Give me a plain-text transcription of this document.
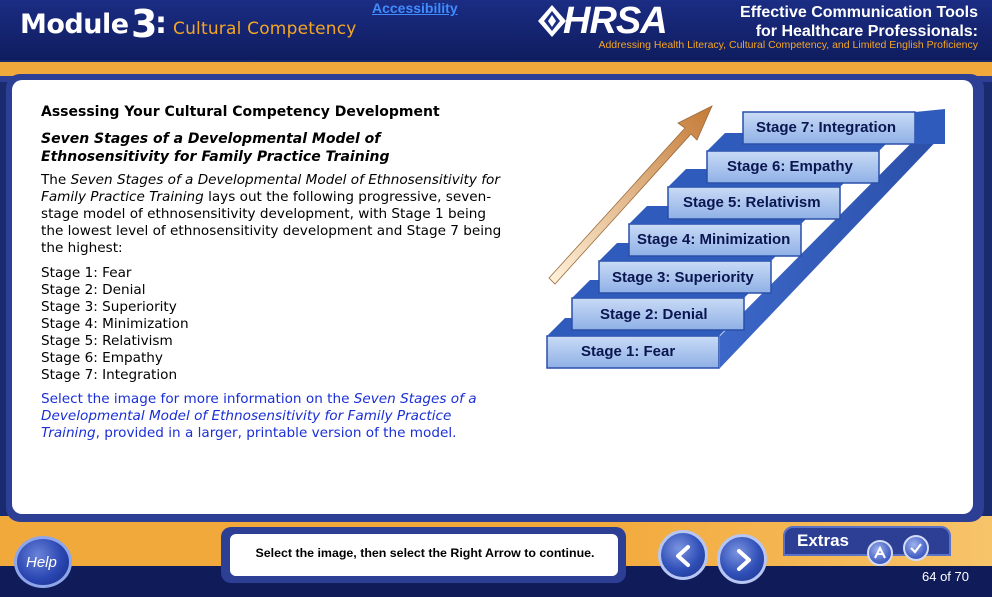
Module 3
: Cultural Competency
Accessibility	HRSA	Effective Communication Tools
for Healthcare Professionals:
Addressing Health Literacy, Cultural Competency, and Limited English Proficiency
Assessing Your Cultural Competency Development
Seven Stages of a Developmental Model of
Ethnosensitivity for Family Practice Training

The Seven Stages of a Developmental Model of Ethnosensitivity for Family Practice Training lays out the following progressive, seven-stage model of ethnosensitivity development, with Stage 1 being the lowest level of ethnosensitivity development and Stage 7 being the highest:

Stage 1: Fear
Stage 2: Denial
Stage 3: Superiority
Stage 4: Minimization
Stage 5: Relativism
Stage 6: Empathy
Stage 7: Integration

Select the image for more information on the Seven Stages of a Developmental Model of Ethnosensitivity for Family Practice Training, provided in a larger, printable version of the model.

Stage 1: Fear
Stage 2: Denial
Stage 3: Superiority
Stage 4: Minimization
Stage 5: Relativism
Stage 6: Empathy
Stage 7: Integration
Help
Select the image, then select the Right Arrow to continue.
Extras
64 of 70
